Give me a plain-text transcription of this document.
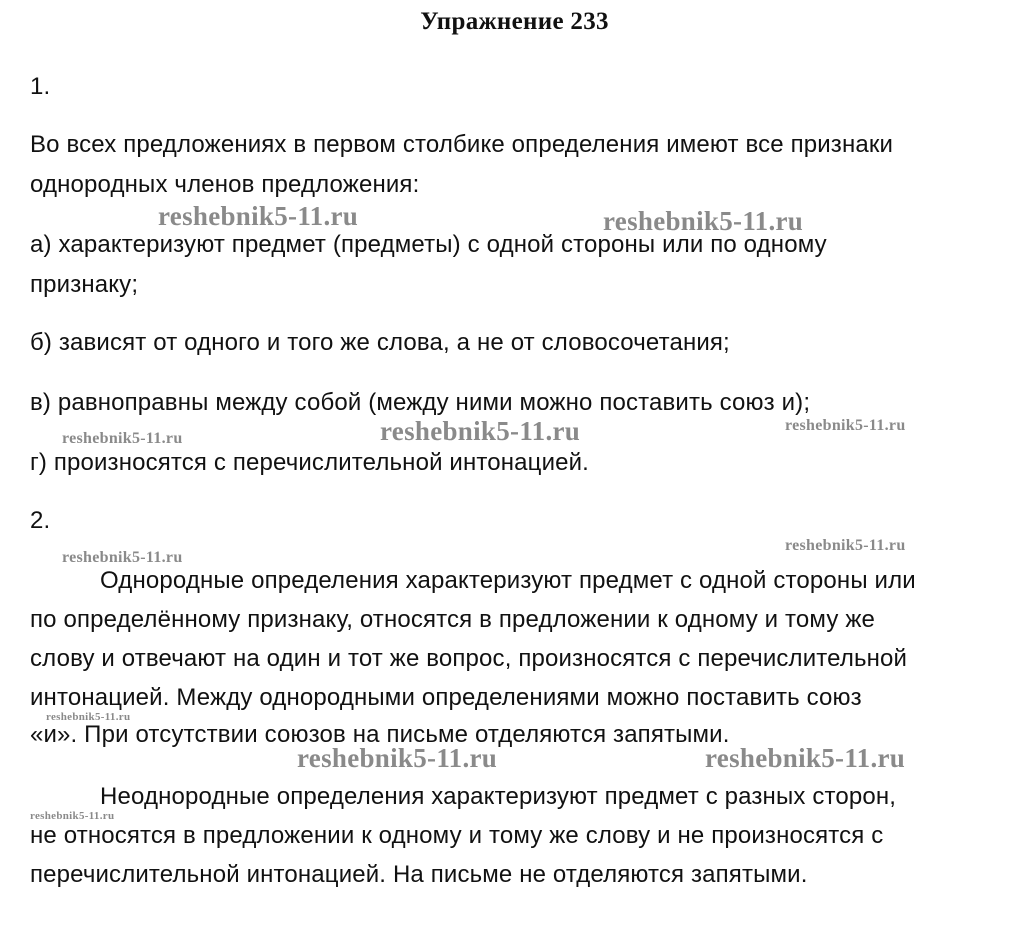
Упражнение 233
1.
Во всех предложениях в первом столбике определения имеют все признаки
однородных членов предложения:
а) характеризуют предмет (предметы) с одной стороны или по одному
признаку;
б) зависят от одного и того же слова, а не от словосочетания;
в) равноправны между собой (между ними можно поставить союз и);
г) произносятся с перечислительной интонацией.
2.
Однородные определения характеризуют предмет с одной стороны или
по определённому признаку, относятся в предложении к одному и тому же
слову и отвечают на один и тот же вопрос, произносятся с перечислительной
интонацией. Между однородными определениями можно поставить союз
«и». При отсутствии союзов на письме отделяются запятыми.
Неоднородные определения характеризуют предмет с разных сторон,
не относятся в предложении к одному и тому же слову и не произносятся с
перечислительной интонацией. На письме не отделяются запятыми.
reshebnik5-11.ru	reshebnik5-11.ru
reshebnik5-11.ru	reshebnik5-11.ru	reshebnik5-11.ru
reshebnik5-11.ru
reshebnik5-11.ru
reshebnik5-11.ru
reshebnik5-11.ru	reshebnik5-11.ru
reshebnik5-11.ru
